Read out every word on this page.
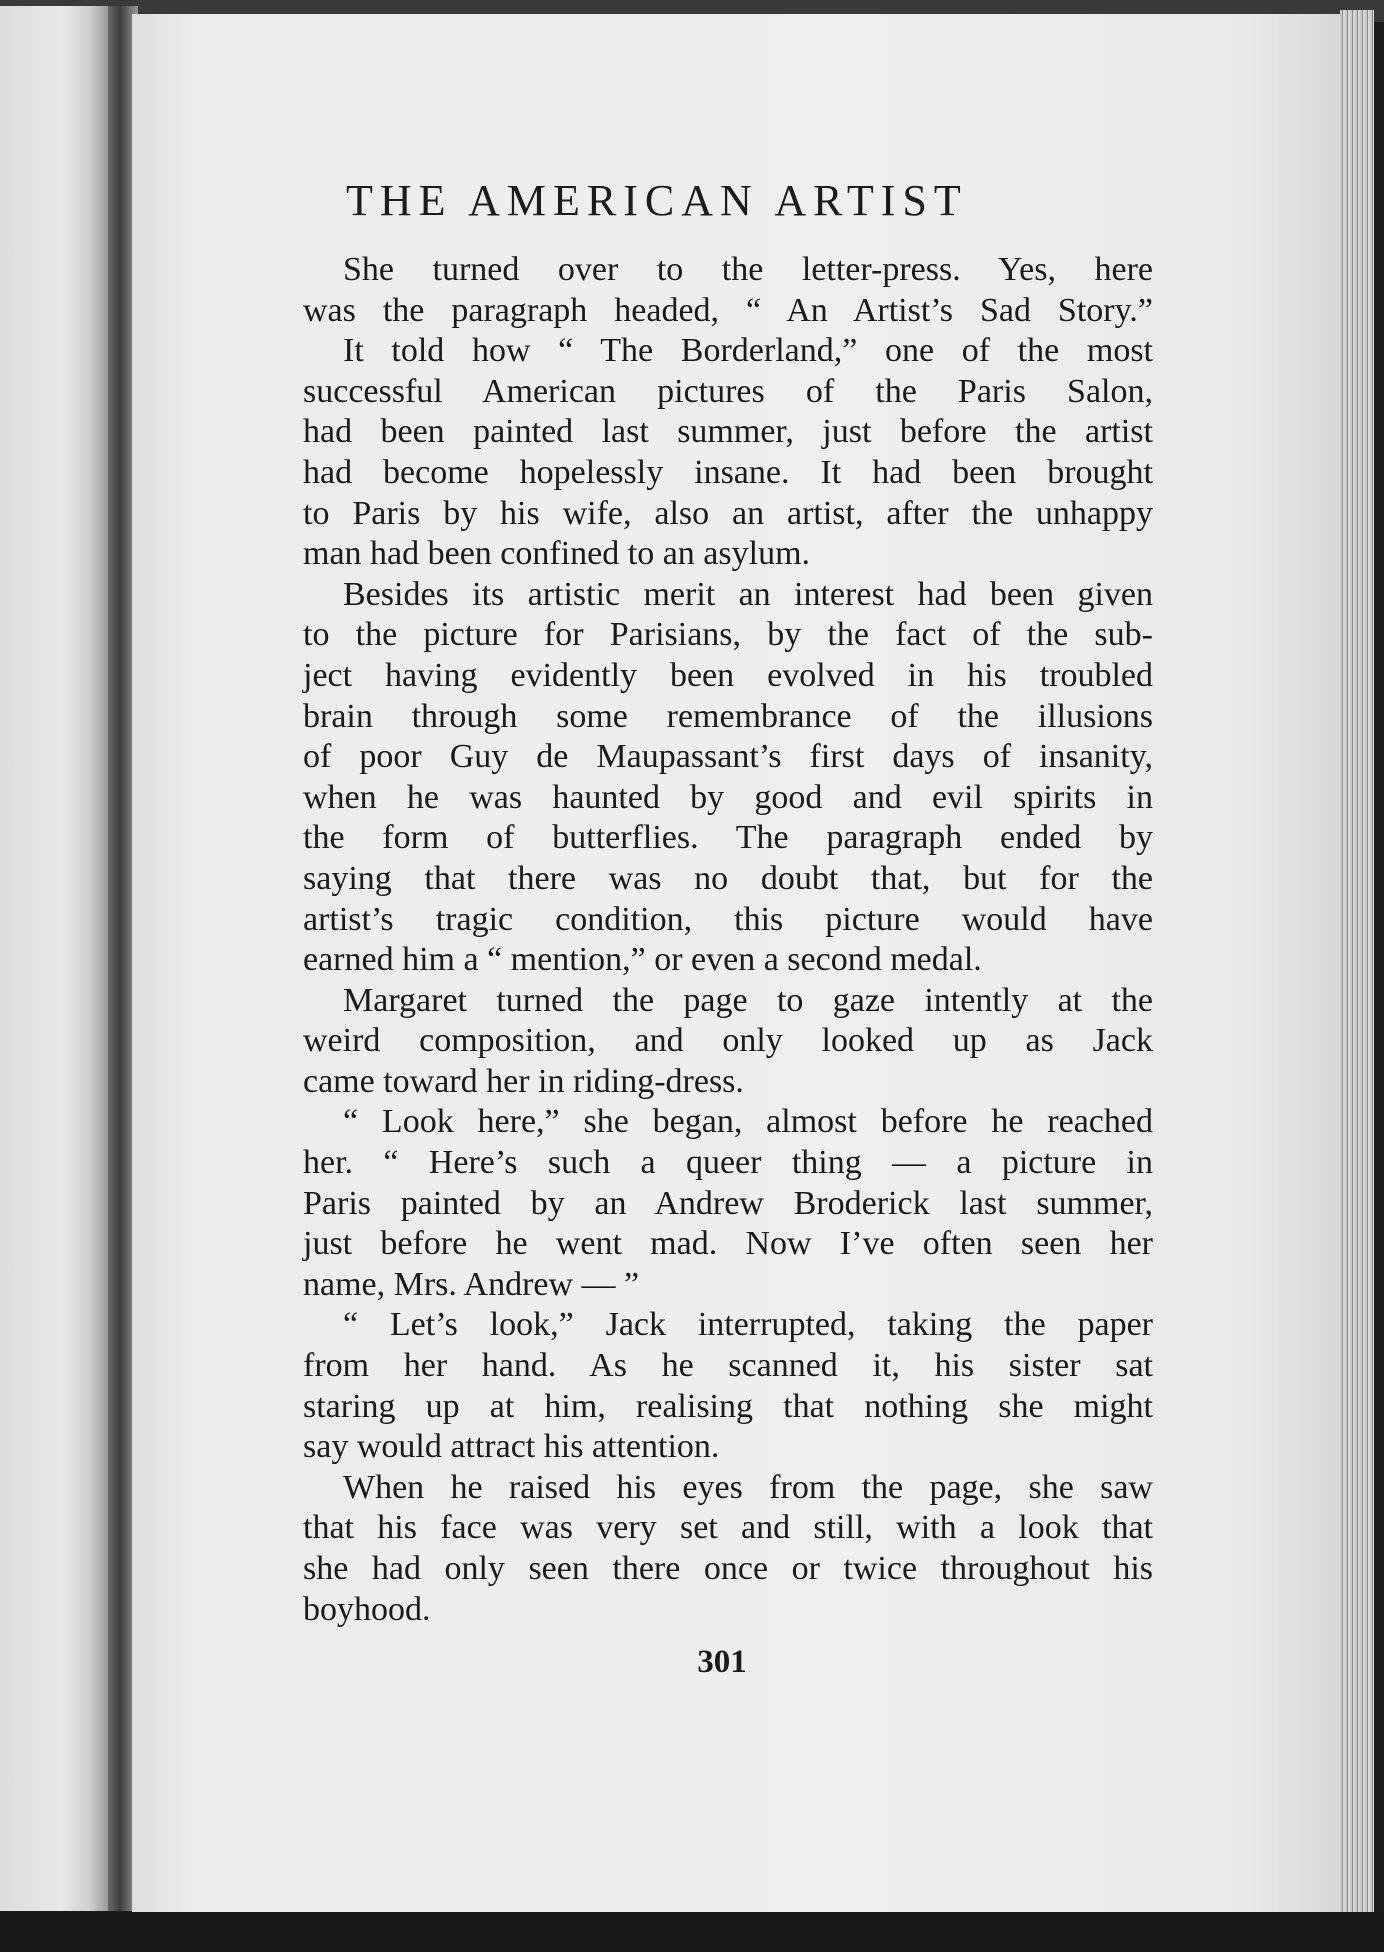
THE AMERICAN ARTIST
She turned over to the letter-press. Yes, here
was the paragraph headed, “ An Artist’s Sad Story.”
It told how “ The Borderland,” one of the most
successful American pictures of the Paris Salon,
had been painted last summer, just before the artist
had become hopelessly insane. It had been brought
to Paris by his wife, also an artist, after the unhappy
man had been confined to an asylum.
Besides its artistic merit an interest had been given
to the picture for Parisians, by the fact of the sub-
ject having evidently been evolved in his troubled
brain through some remembrance of the illusions
of poor Guy de Maupassant’s first days of insanity,
when he was haunted by good and evil spirits in
the form of butterflies. The paragraph ended by
saying that there was no doubt that, but for the
artist’s tragic condition, this picture would have
earned him a “ mention,” or even a second medal.
Margaret turned the page to gaze intently at the
weird composition, and only looked up as Jack
came toward her in riding-dress.
“ Look here,” she began, almost before he reached
her. “ Here’s such a queer thing — a picture in
Paris painted by an Andrew Broderick last summer,
just before he went mad. Now I’ve often seen her
name, Mrs. Andrew — ”
“ Let’s look,” Jack interrupted, taking the paper
from her hand. As he scanned it, his sister sat
staring up at him, realising that nothing she might
say would attract his attention.
When he raised his eyes from the page, she saw
that his face was very set and still, with a look that
she had only seen there once or twice throughout his
boyhood.
301
